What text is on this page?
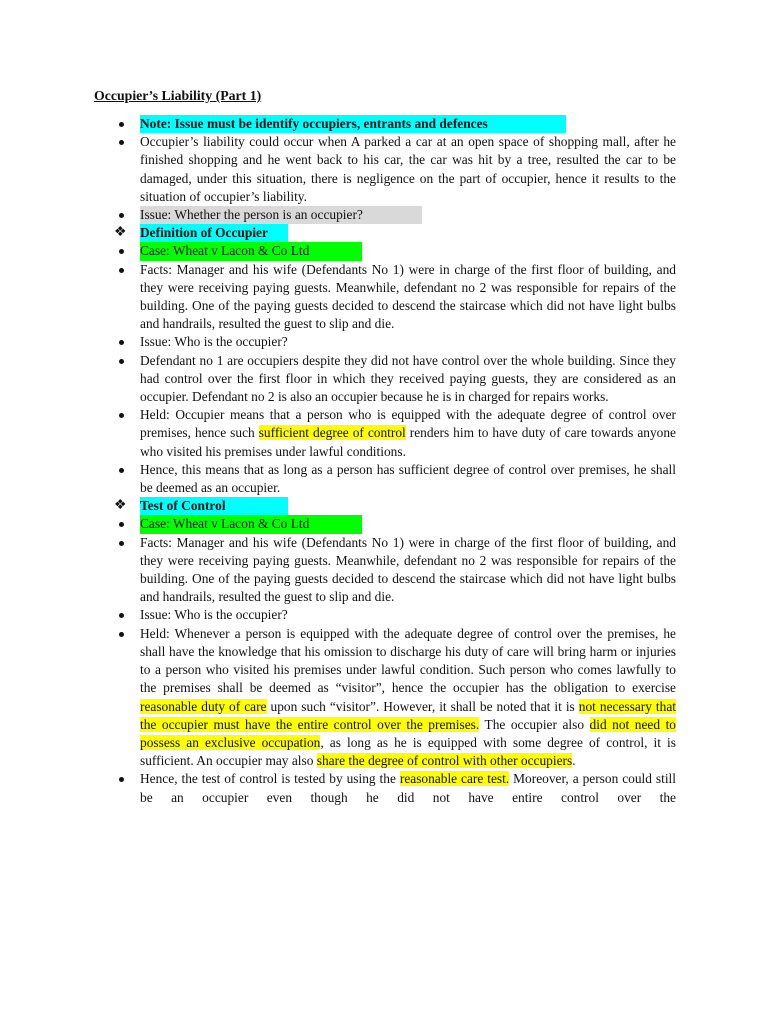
Occupier’s Liability (Part 1)
Note: Issue must be identify occupiers, entrants and defences
Occupier’s liability could occur when A parked a car at an open space of shopping mall, after he finished shopping and he went back to his car, the car was hit by a tree, resulted the car to be damaged, under this situation, there is negligence on the part of occupier, hence it results to the situation of occupier’s liability.
Issue: Whether the person is an occupier?
❖	Definition of Occupier
Case: Wheat v Lacon & Co Ltd
Facts: Manager and his wife (Defendants No 1) were in charge of the first floor of building, and they were receiving paying guests. Meanwhile, defendant no 2 was responsible for repairs of the building. One of the paying guests decided to descend the staircase which did not have light bulbs and handrails, resulted the guest to slip and die.
Issue: Who is the occupier?
Defendant no 1 are occupiers despite they did not have control over the whole building. Since they had control over the first floor in which they received paying guests, they are considered as an occupier. Defendant no 2 is also an occupier because he is in charged for repairs works.
Held: Occupier means that a person who is equipped with the adequate degree of control over premises, hence such sufficient degree of control renders him to have duty of care towards anyone who visited his premises under lawful conditions.
Hence, this means that as long as a person has sufficient degree of control over premises, he shall be deemed as an occupier.
❖	Test of Control
Case: Wheat v Lacon & Co Ltd
Facts: Manager and his wife (Defendants No 1) were in charge of the first floor of building, and they were receiving paying guests. Meanwhile, defendant no 2 was responsible for repairs of the building. One of the paying guests decided to descend the staircase which did not have light bulbs and handrails, resulted the guest to slip and die.
Issue: Who is the occupier?
Held: Whenever a person is equipped with the adequate degree of control over the premises, he shall have the knowledge that his omission to discharge his duty of care will bring harm or injuries to a person who visited his premises under lawful condition. Such person who comes lawfully to the premises shall be deemed as “visitor”, hence the occupier has the obligation to exercise reasonable duty of care upon such “visitor”. However, it shall be noted that it is not necessary that the occupier must have the entire control over the premises. The occupier also did not need to possess an exclusive occupation, as long as he is equipped with some degree of control, it is sufficient. An occupier may also share the degree of control with other occupiers.
Hence, the test of control is tested by using the reasonable care test. Moreover, a person could still be an occupier even though he did not have entire control over the
